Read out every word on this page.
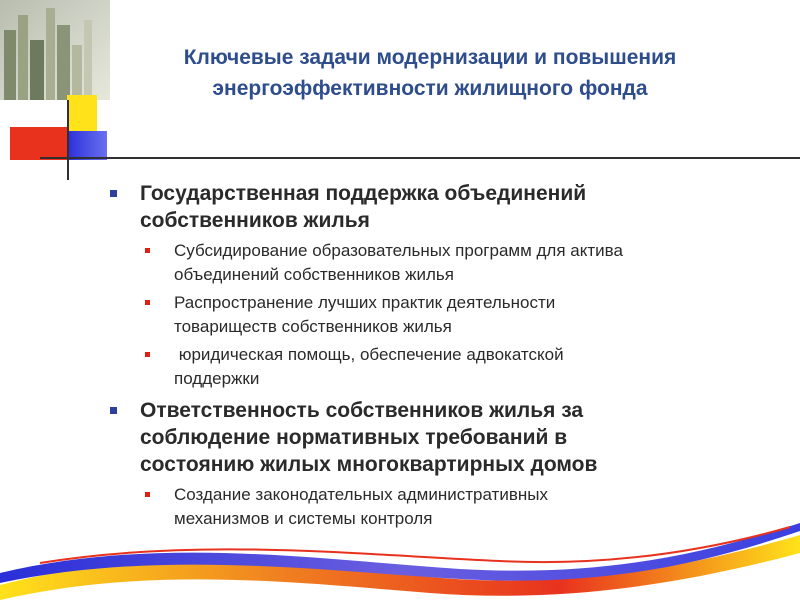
Ключевые задачи модернизации и повышения
энергоэффективности жилищного фонда
Государственная поддержка объединений
собственников жилья
Субсидирование образовательных программ для актива
объединений собственников жилья
Распространение лучших практик деятельности
товариществ собственников жилья
юридическая помощь, обеспечение адвокатской
поддержки
Ответственность собственников жилья за
соблюдение нормативных требований в
состоянию жилых многоквартирных домов
Создание законодательных административных
механизмов и системы контроля
